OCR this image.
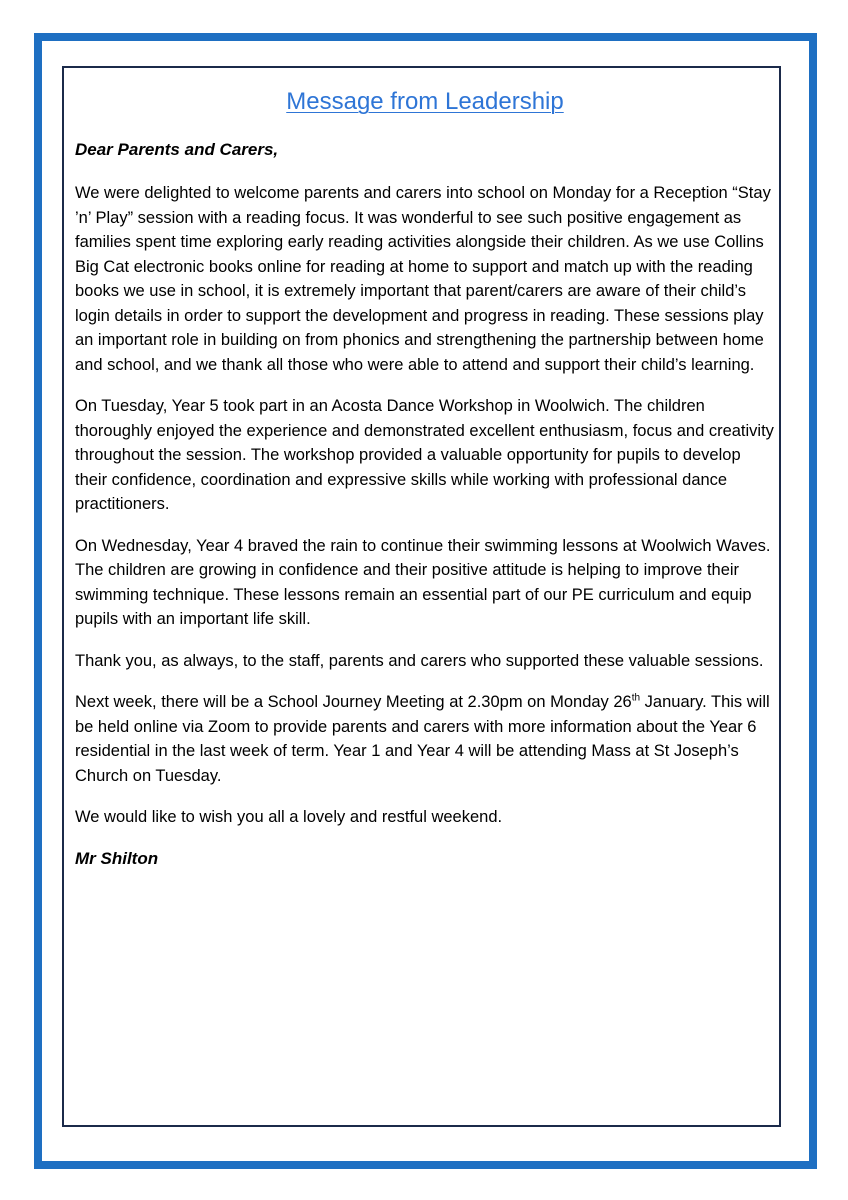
Message from Leadership
Dear Parents and Carers,

We were delighted to welcome parents and carers into school on Monday for a Reception “Stay ’n’ Play” session with a reading focus. It was wonderful to see such positive engagement as families spent time exploring early reading activities alongside their children. As we use Collins Big Cat electronic books online for reading at home to support and match up with the reading books we use in school, it is extremely important that parent/carers are aware of their child’s login details in order to support the development and progress in reading. These sessions play an important role in building on from phonics and strengthening the partnership between home and school, and we thank all those who were able to attend and support their child’s learning.

On Tuesday, Year 5 took part in an Acosta Dance Workshop in Woolwich. The children thoroughly enjoyed the experience and demonstrated excellent enthusiasm, focus and creativity throughout the session. The workshop provided a valuable opportunity for pupils to develop their confidence, coordination and expressive skills while working with professional dance practitioners.

On Wednesday, Year 4 braved the rain to continue their swimming lessons at Woolwich Waves. The children are growing in confidence and their positive attitude is helping to improve their swimming technique. These lessons remain an essential part of our PE curriculum and equip pupils with an important life skill.

Thank you, as always, to the staff, parents and carers who supported these valuable sessions.

Next week, there will be a School Journey Meeting at 2.30pm on Monday 26th January. This will be held online via Zoom to provide parents and carers with more information about the Year 6 residential in the last week of term. Year 1 and Year 4 will be attending Mass at St Joseph’s Church on Tuesday.

We would like to wish you all a lovely and restful weekend.

Mr Shilton
